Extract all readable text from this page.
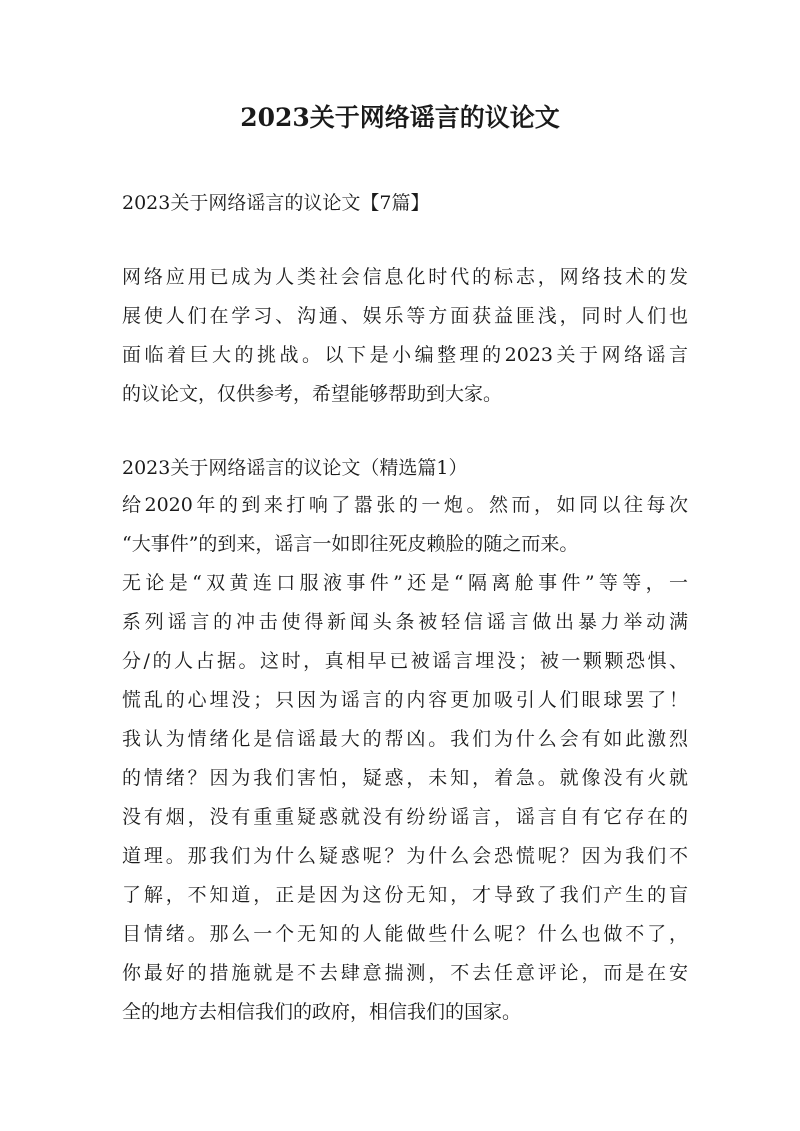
2023关于网络谣言的议论文

2023关于网络谣言的议论文【7篇】

网络应用已成为人类社会信息化时代的标志，网络技术的发

展使人们在学习、沟通、娱乐等方面获益匪浅，同时人们也

面临着巨大的挑战。以下是小编整理的2023关于网络谣言

的议论文，仅供参考，希望能够帮助到大家。

2023关于网络谣言的议论文（精选篇1）

给2020年的到来打响了嚣张的一炮。然而，如同以往每次

“大事件”的到来，谣言一如即往死皮赖脸的随之而来。

无论是“双黄连口服液事件”还是“隔离舱事件”等等，一

系列谣言的冲击使得新闻头条被轻信谣言做出暴力举动满

分/的人占据。这时，真相早已被谣言埋没；被一颗颗恐惧、

慌乱的心埋没；只因为谣言的内容更加吸引人们眼球罢了！

我认为情绪化是信谣最大的帮凶。我们为什么会有如此激烈

的情绪？因为我们害怕，疑惑，未知，着急。就像没有火就

没有烟，没有重重疑惑就没有纷纷谣言，谣言自有它存在的

道理。那我们为什么疑惑呢？为什么会恐慌呢？因为我们不

了解，不知道，正是因为这份无知，才导致了我们产生的盲

目情绪。那么一个无知的人能做些什么呢？什么也做不了，

你最好的措施就是不去肆意揣测，不去任意评论，而是在安

全的地方去相信我们的政府，相信我们的国家。
